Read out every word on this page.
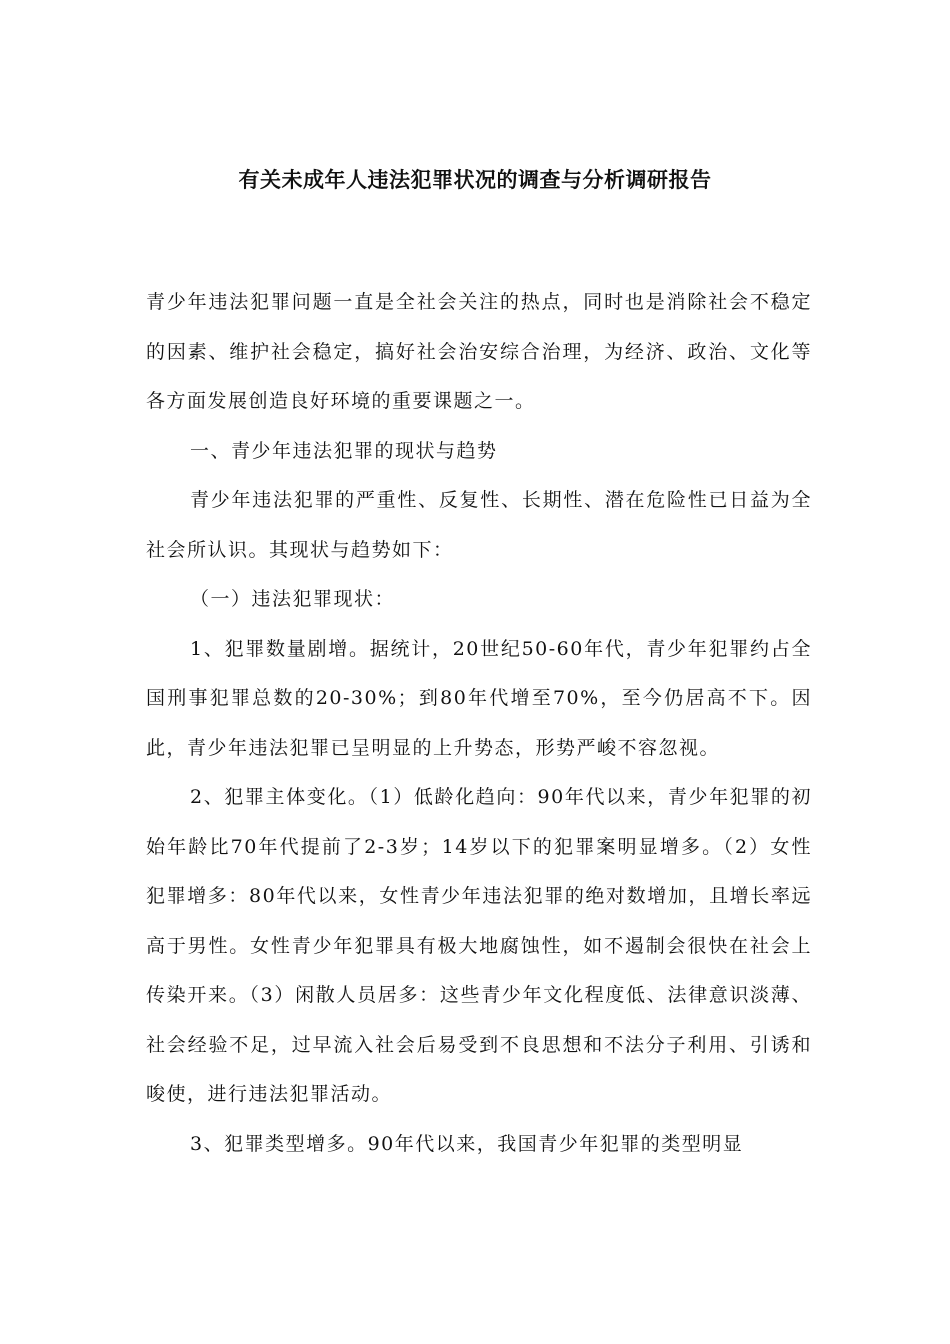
有关未成年人违法犯罪状况的调查与分析调研报告

青少年违法犯罪问题一直是全社会关注的热点，同时也是消除社会不稳定的因素、维护社会稳定，搞好社会治安综合治理，为经济、政治、文化等各方面发展创造良好环境的重要课题之一。

一、青少年违法犯罪的现状与趋势

青少年违法犯罪的严重性、反复性、长期性、潜在危险性已日益为全社会所认识。其现状与趋势如下：

（一）违法犯罪现状：

1、犯罪数量剧增。据统计，20世纪50-60年代，青少年犯罪约占全国刑事犯罪总数的20-30%；到80年代增至70%，至今仍居高不下。因此，青少年违法犯罪已呈明显的上升势态，形势严峻不容忽视。

2、犯罪主体变化。（1）低龄化趋向：90年代以来，青少年犯罪的初始年龄比70年代提前了2-3岁；14岁以下的犯罪案明显增多。（2）女性犯罪增多：80年代以来，女性青少年违法犯罪的绝对数增加，且增长率远高于男性。女性青少年犯罪具有极大地腐蚀性，如不遏制会很快在社会上传染开来。（3）闲散人员居多：这些青少年文化程度低、法律意识淡薄、社会经验不足，过早流入社会后易受到不良思想和不法分子利用、引诱和唆使，进行违法犯罪活动。

3、犯罪类型增多。90年代以来，我国青少年犯罪的类型明显
